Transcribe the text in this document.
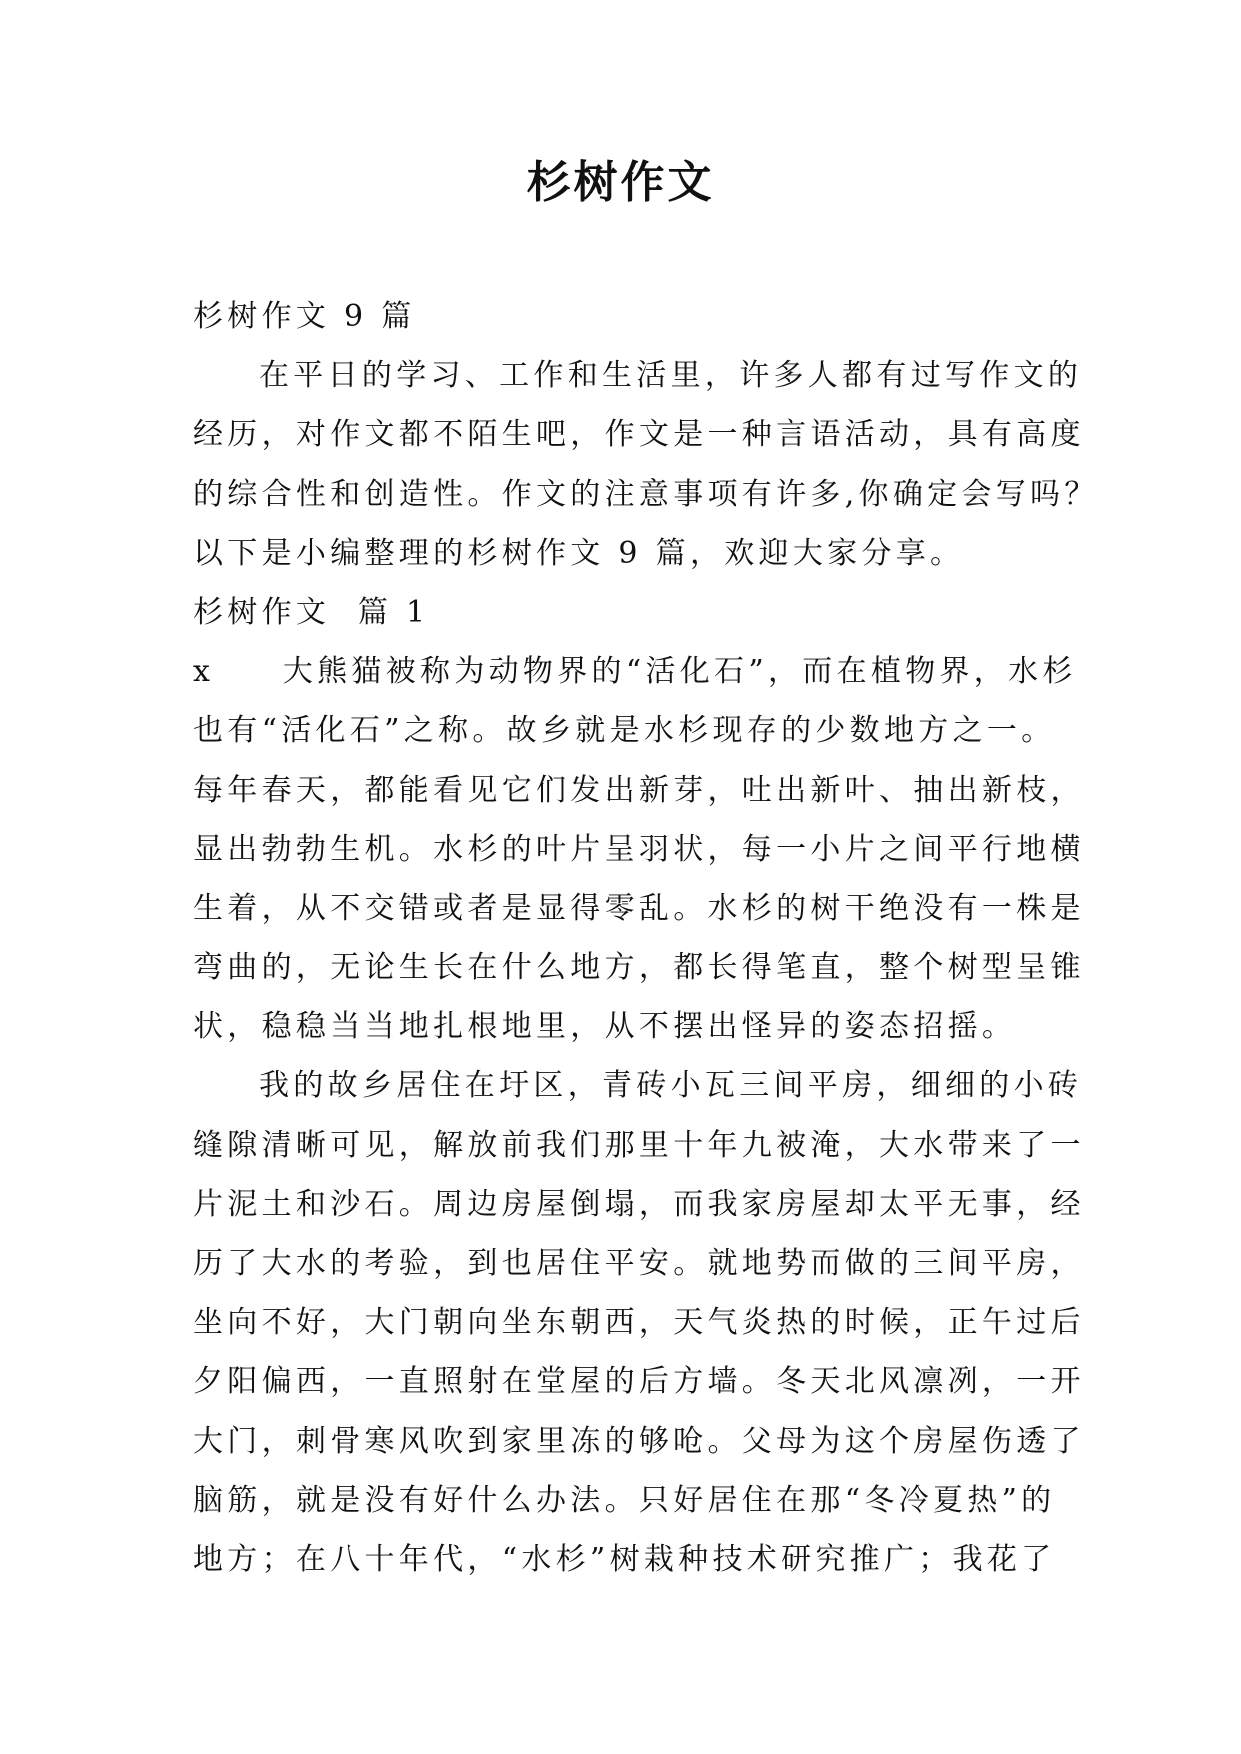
杉树作文
杉树作文 9 篇
在平日的学习、工作和生活里，许多人都有过写作文的
经历，对作文都不陌生吧，作文是一种言语活动，具有高度
的综合性和创造性。作文的注意事项有许多,你确定会写吗？
以下是小编整理的杉树作文 9 篇，欢迎大家分享。
杉树作文  篇 1
x　　大熊猫被称为动物界的“活化石”，而在植物界，水杉
也有“活化石”之称。故乡就是水杉现存的少数地方之一。
每年春天，都能看见它们发出新芽，吐出新叶、抽出新枝，
显出勃勃生机。水杉的叶片呈羽状，每一小片之间平行地横
生着，从不交错或者是显得零乱。水杉的树干绝没有一株是
弯曲的，无论生长在什么地方，都长得笔直，整个树型呈锥
状，稳稳当当地扎根地里，从不摆出怪异的姿态招摇。
我的故乡居住在圩区，青砖小瓦三间平房，细细的小砖
缝隙清晰可见，解放前我们那里十年九被淹，大水带来了一
片泥土和沙石。周边房屋倒塌，而我家房屋却太平无事，经
历了大水的考验，到也居住平安。就地势而做的三间平房，
坐向不好，大门朝向坐东朝西，天气炎热的时候，正午过后
夕阳偏西，一直照射在堂屋的后方墙。冬天北风凛冽，一开
大门，刺骨寒风吹到家里冻的够呛。父母为这个房屋伤透了
脑筋，就是没有好什么办法。只好居住在那“冬冷夏热”的
地方；在八十年代，“水杉”树栽种技术研究推广；我花了
